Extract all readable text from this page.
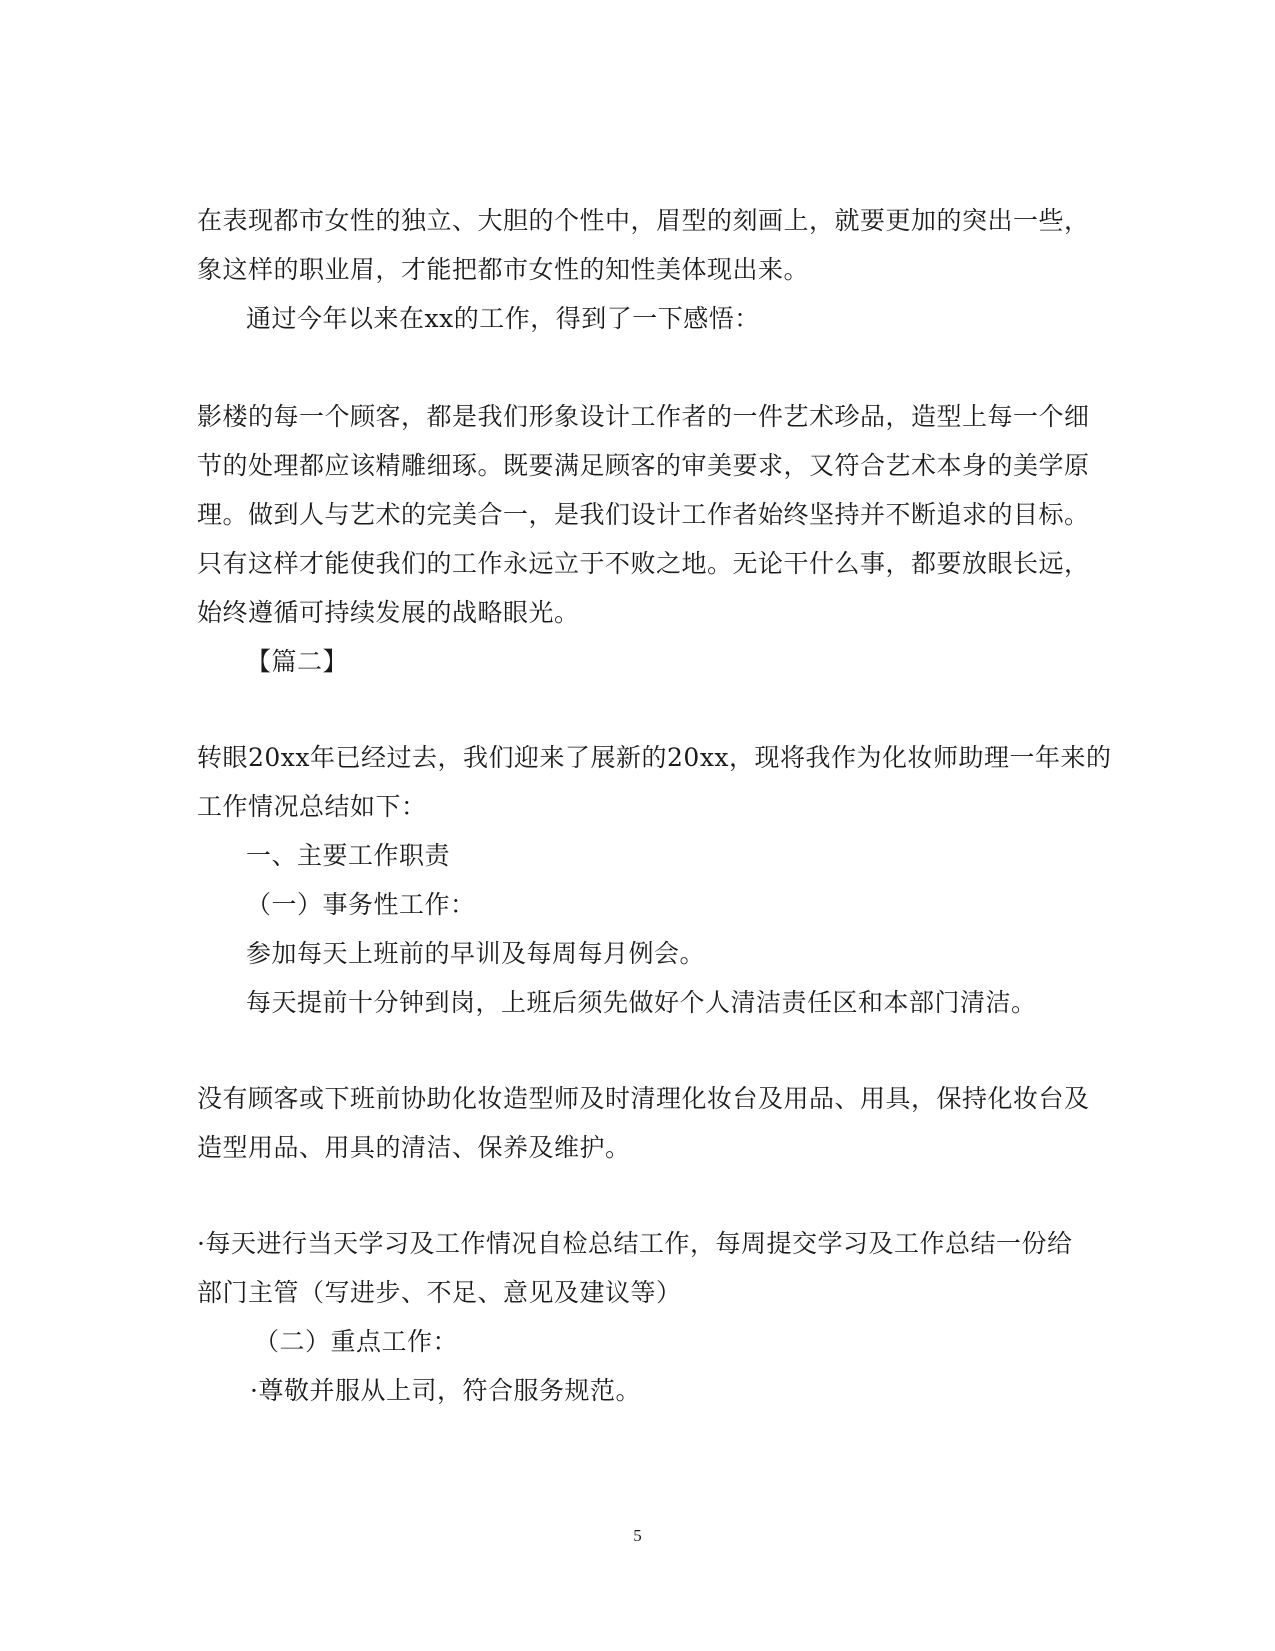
在表现都市女性的独立、大胆的个性中，眉型的刻画上，就要更加的突出一些，
象这样的职业眉，才能把都市女性的知性美体现出来。
通过今年以来在xx的工作，得到了一下感悟：
影楼的每一个顾客，都是我们形象设计工作者的一件艺术珍品，造型上每一个细
节的处理都应该精雕细琢。既要满足顾客的审美要求，又符合艺术本身的美学原
理。做到人与艺术的完美合一，是我们设计工作者始终坚持并不断追求的目标。
只有这样才能使我们的工作永远立于不败之地。无论干什么事，都要放眼长远，
始终遵循可持续发展的战略眼光。
【篇二】
转眼20xx年已经过去，我们迎来了展新的20xx，现将我作为化妆师助理一年来的
工作情况总结如下：
一、主要工作职责
（一）事务性工作：
参加每天上班前的早训及每周每月例会。
每天提前十分钟到岗，上班后须先做好个人清洁责任区和本部门清洁。
没有顾客或下班前协助化妆造型师及时清理化妆台及用品、用具，保持化妆台及
造型用品、用具的清洁、保养及维护。
·每天进行当天学习及工作情况自检总结工作，每周提交学习及工作总结一份给
部门主管（写进步、不足、意见及建议等）
（二）重点工作：
·尊敬并服从上司，符合服务规范。
5
